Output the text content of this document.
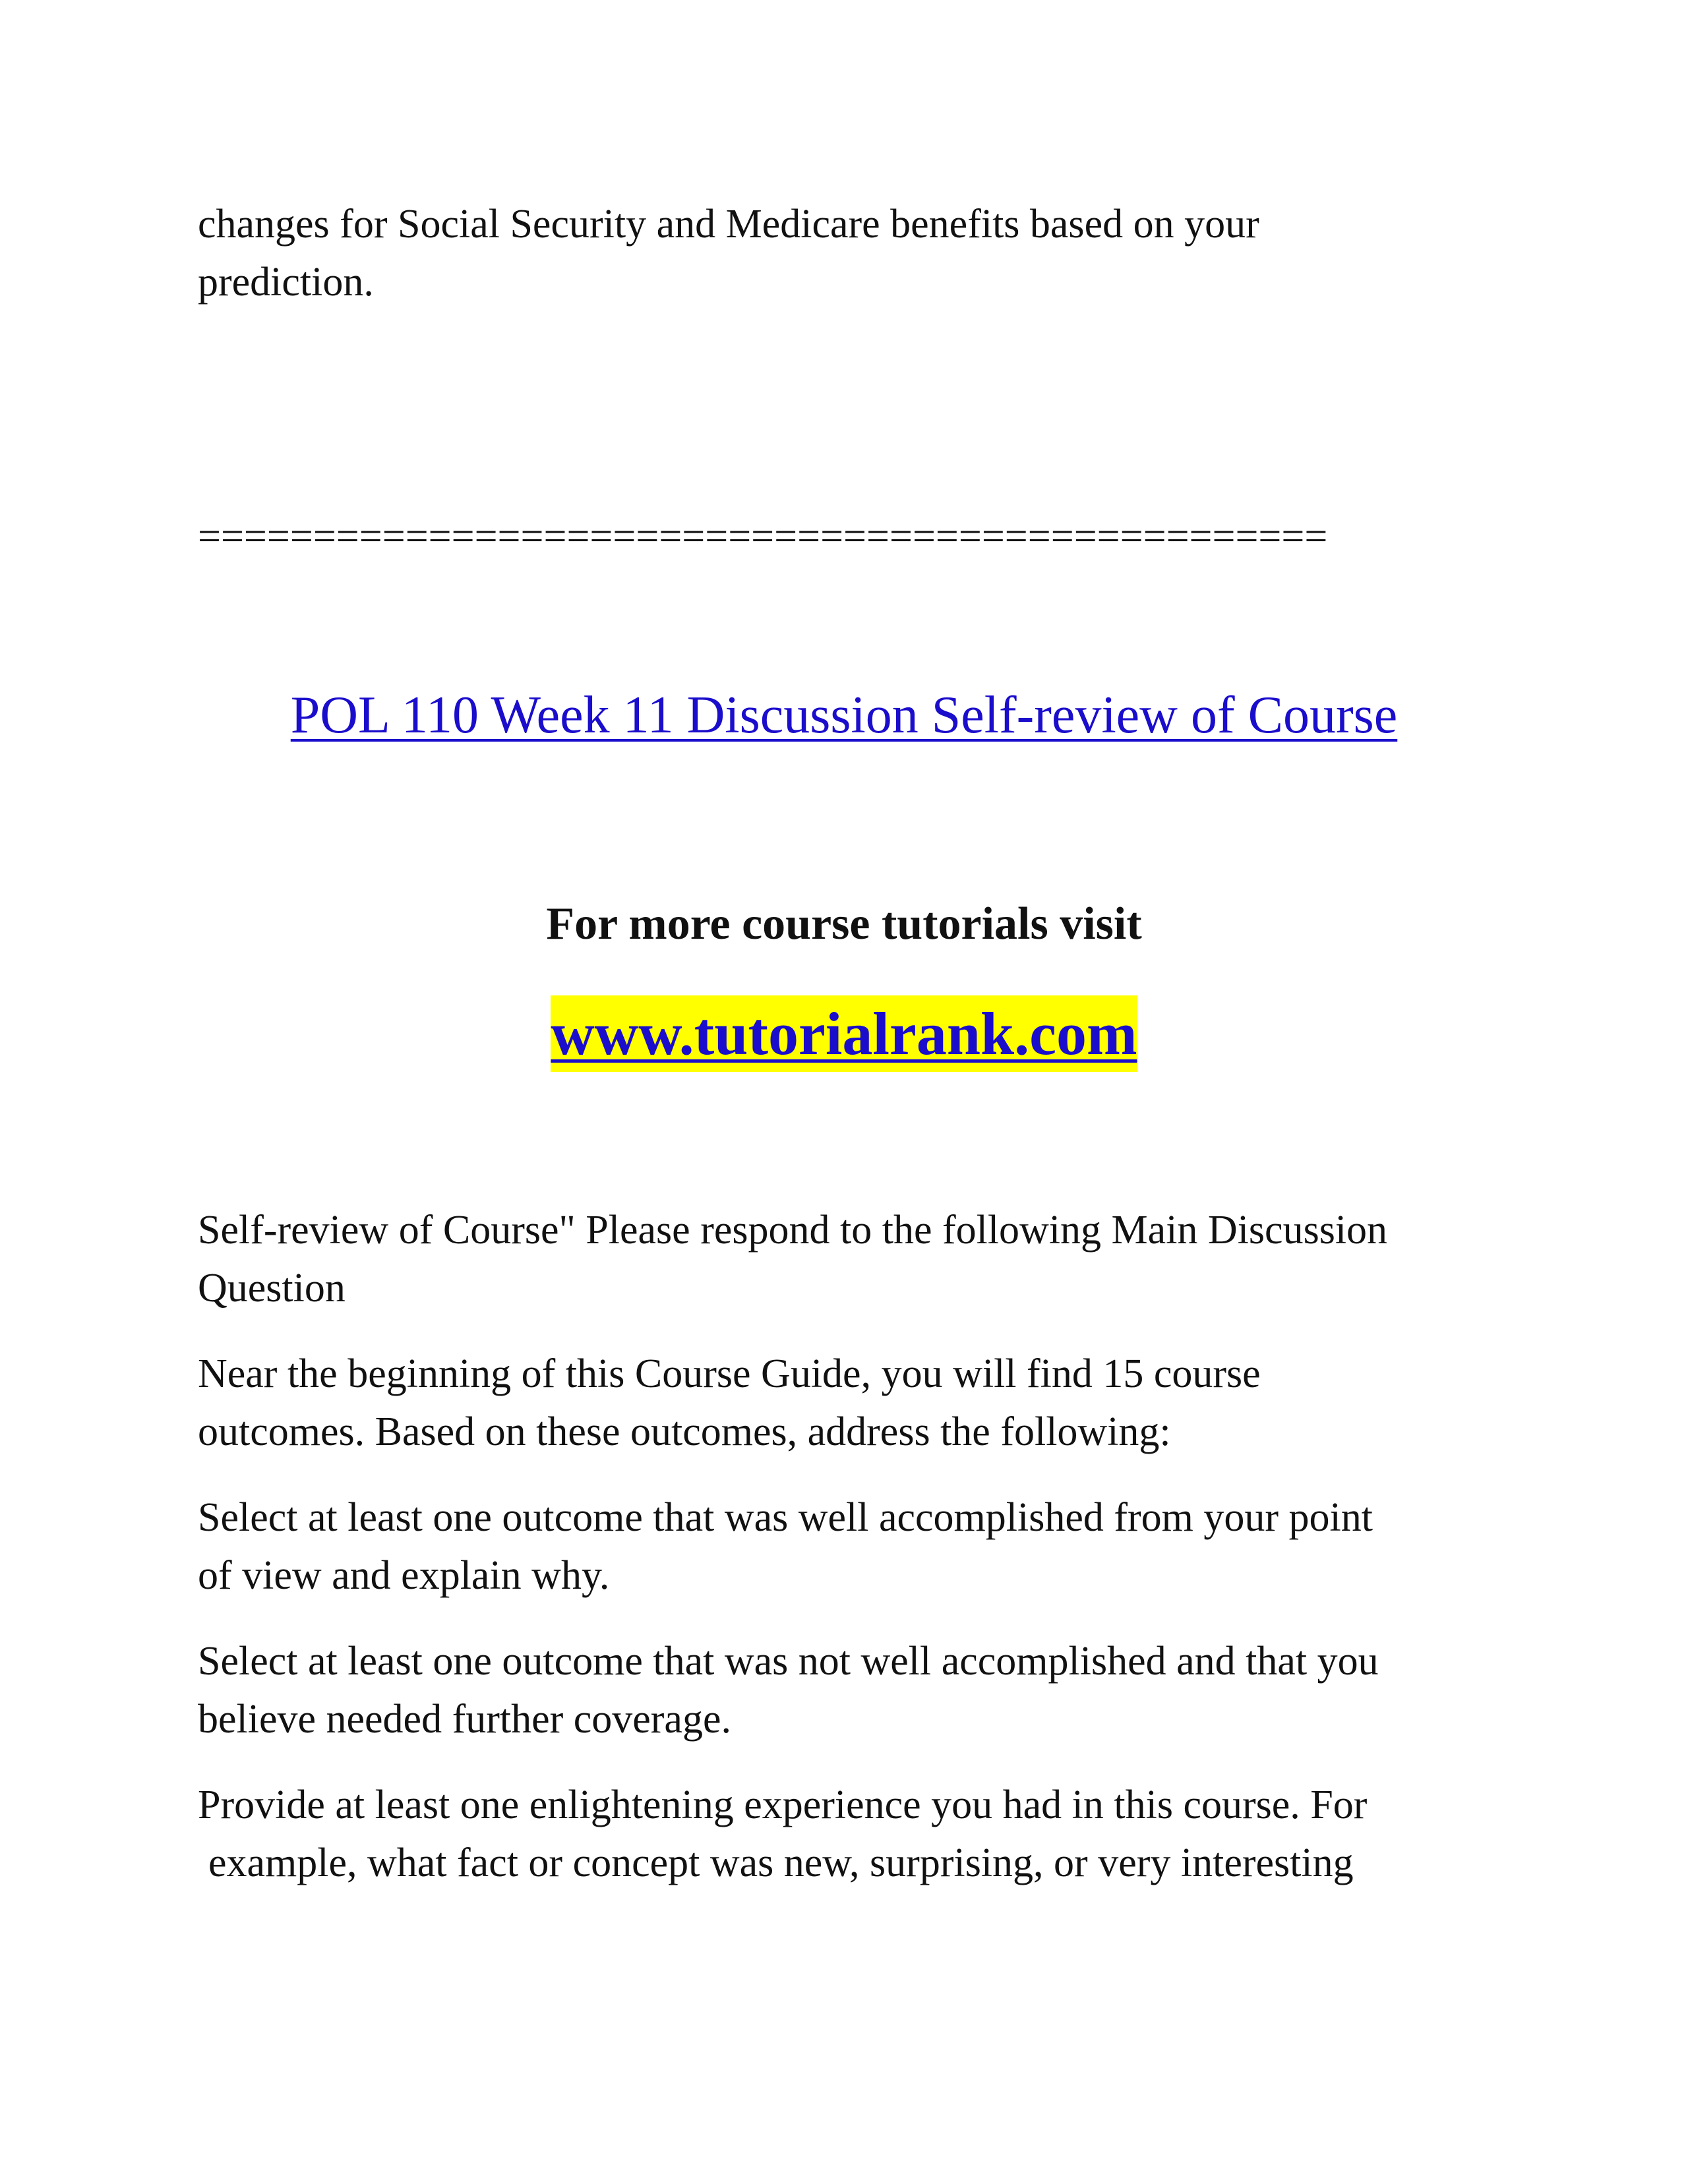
changes for Social Security and Medicare benefits based on your
prediction.

=================================================

POL 110 Week 11 Discussion Self-review of Course

For more course tutorials visit

www.tutorialrank.com

Self-review of Course" Please respond to the following Main Discussion
Question

Near the beginning of this Course Guide, you will find 15 course
outcomes. Based on these outcomes, address the following:

Select at least one outcome that was well accomplished from your point
of view and explain why.

Select at least one outcome that was not well accomplished and that you
believe needed further coverage.

Provide at least one enlightening experience you had in this course. For
example, what fact or concept was new, surprising, or very interesting
